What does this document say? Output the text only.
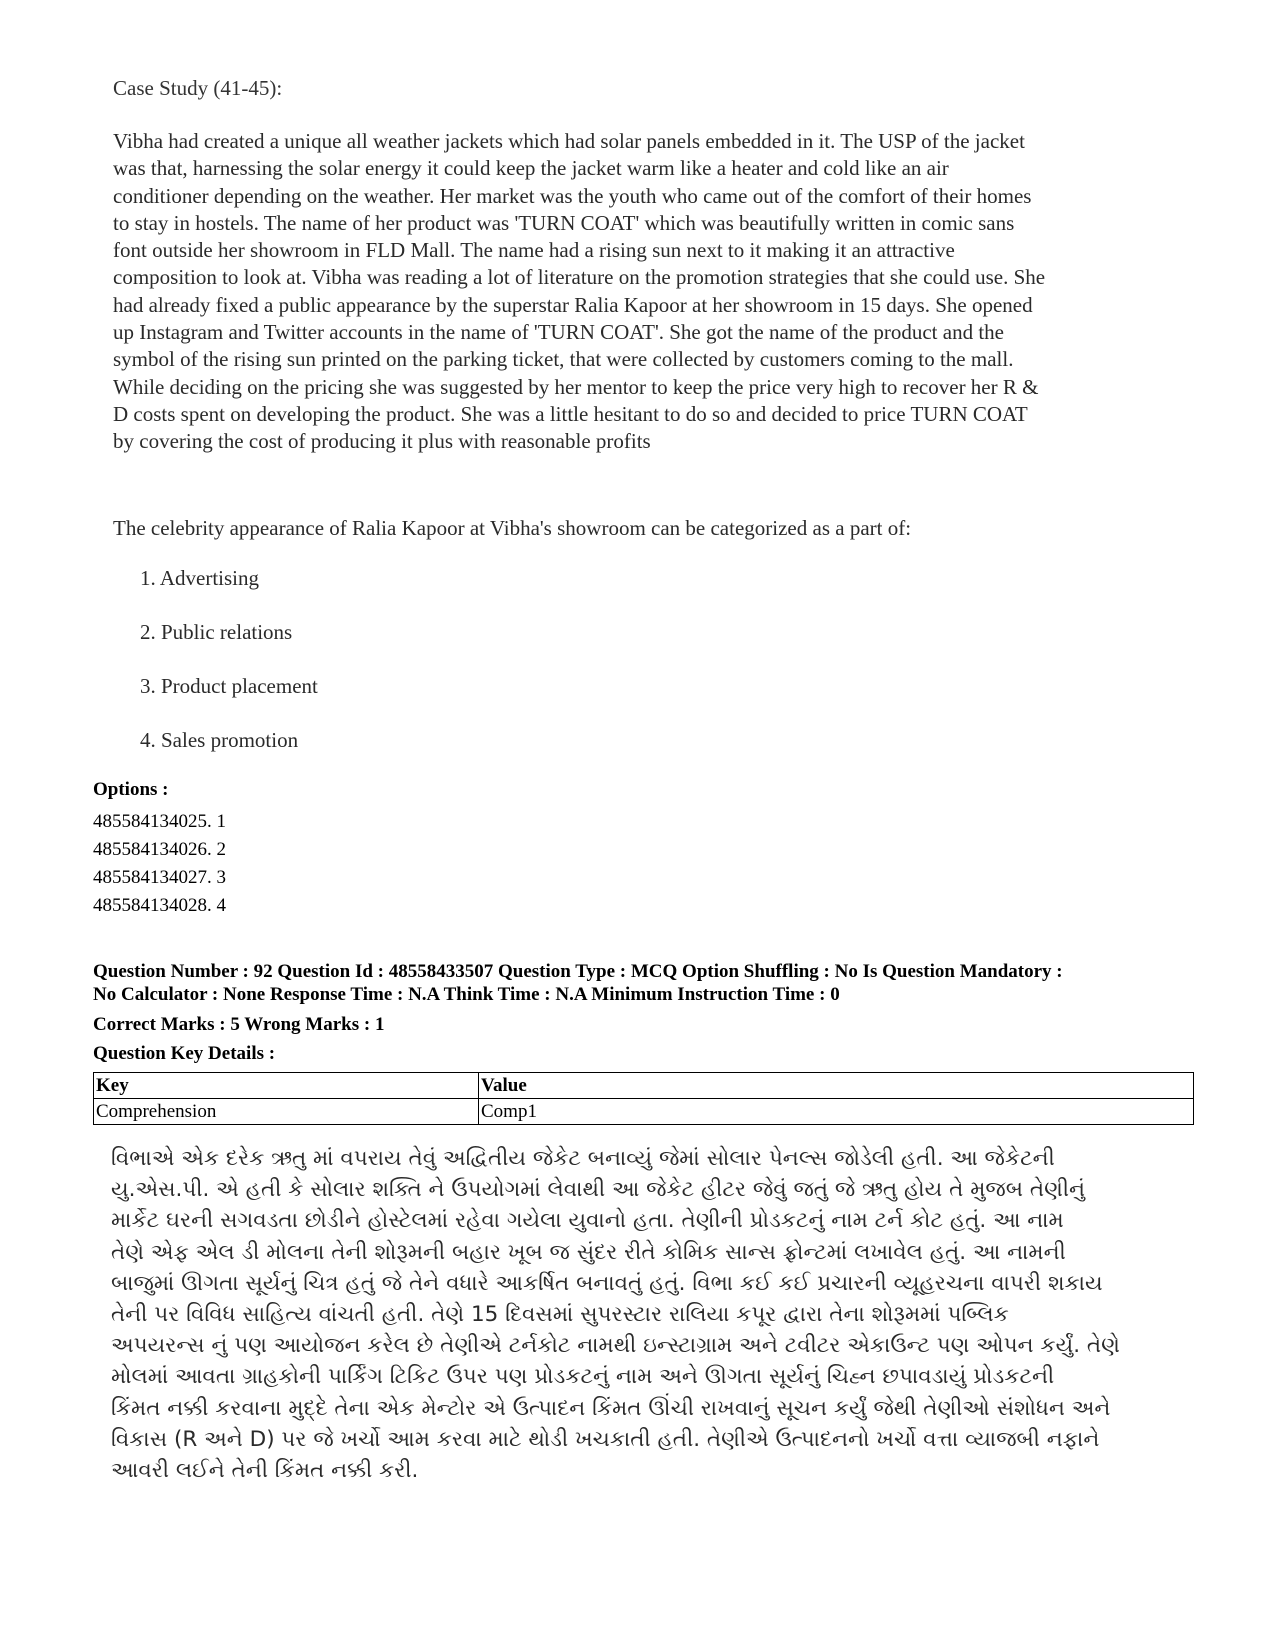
Case Study (41-45):
Vibha had created a unique all weather jackets which had solar panels embedded in it. The USP of the jacket
was that, harnessing the solar energy it could keep the jacket warm like a heater and cold like an air
conditioner depending on the weather. Her market was the youth who came out of the comfort of their homes
to stay in hostels. The name of her product was 'TURN COAT' which was beautifully written in comic sans
font outside her showroom in FLD Mall. The name had a rising sun next to it making it an attractive
composition to look at. Vibha was reading a lot of literature on the promotion strategies that she could use. She
had already fixed a public appearance by the superstar Ralia Kapoor at her showroom in 15 days. She opened
up Instagram and Twitter accounts in the name of 'TURN COAT'. She got the name of the product and the
symbol of the rising sun printed on the parking ticket, that were collected by customers coming to the mall.
While deciding on the pricing she was suggested by her mentor to keep the price very high to recover her R &
D costs spent on developing the product. She was a little hesitant to do so and decided to price TURN COAT
by covering the cost of producing it plus with reasonable profits
The celebrity appearance of Ralia Kapoor at Vibha's showroom can be categorized as a part of:
1. Advertising
2. Public relations
3. Product placement
4. Sales promotion
Options :
485584134025. 1
485584134026. 2
485584134027. 3
485584134028. 4
Question Number : 92 Question Id : 48558433507 Question Type : MCQ Option Shuffling : No Is Question Mandatory :
No Calculator : None Response Time : N.A Think Time : N.A Minimum Instruction Time : 0
Correct Marks : 5 Wrong Marks : 1
Question Key Details :
Key	Value
Comprehension	Comp1
વિભાએ એક દરેક ઋતુ માં વપરાય તેવું અદ્વિતીય જેકેટ બનાવ્યું જેમાં સોલાર પેનલ્સ જોડેલી હતી. આ જેકેટની
યુ.એસ.પી. એ હતી કે સોલાર શક્તિ ને ઉપયોગમાં લેવાથી આ જેકેટ હીટર જેવું જતું જે ઋતુ હોય તે મુજબ તેણીનું
માર્કેટ ઘરની સગવડતા છોડીને હોસ્ટેલમાં રહેવા ગયેલા યુવાનો હતા. તેણીની પ્રોડકટનું નામ ટર્ન કોટ હતું. આ નામ
તેણે એફ એલ ડી મોલના તેની શોરૂમની બહાર ખૂબ જ સુંદર રીતે કોમિક સાન્સ ફ્રોન્ટમાં લખાવેલ હતું. આ નામની
બાજુમાં ઊગતા સૂર્યનું ચિત્ર હતું જે તેને વધારે આકર્ષિત બનાવતું હતું. વિભા કઈ કઈ પ્રચારની વ્યૂહરચના વાપરી શકાય
તેની પર વિવિધ સાહિત્ય વાંચતી હતી. તેણે 15 દિવસમાં સુપરસ્ટાર રાલિયા કપૂર દ્વારા તેના શોરૂમમાં પબ્લિક
અપયરન્સ નું પણ આયોજન કરેલ છે તેણીએ ટર્નકોટ નામથી ઇન્સ્ટાગ્રામ અને ટવીટર એકાઉન્ટ પણ ઓપન કર્યું. તેણે
મોલમાં આવતા ગ્રાહકોની પાર્કિંગ ટિકિટ ઉપર પણ પ્રોડકટનું નામ અને ઊગતા સૂર્યનું ચિહ્ન છપાવડાયું પ્રોડકટની
કિંમત નક્કી કરવાના મુદ્દે તેના એક મેન્ટોર એ ઉત્પાદન કિંમત ઊંચી રાખવાનું સૂચન કર્યું જેથી તેણીઓ સંશોધન અને
વિકાસ (R અને D) પર જે ખર્ચો આમ કરવા માટે થોડી ખચકાતી હતી. તેણીએ ઉત્પાદનનો ખર્ચો વત્તા વ્યાજબી નફાને
આવરી લઈને તેની કિંમત નક્કી કરી.
